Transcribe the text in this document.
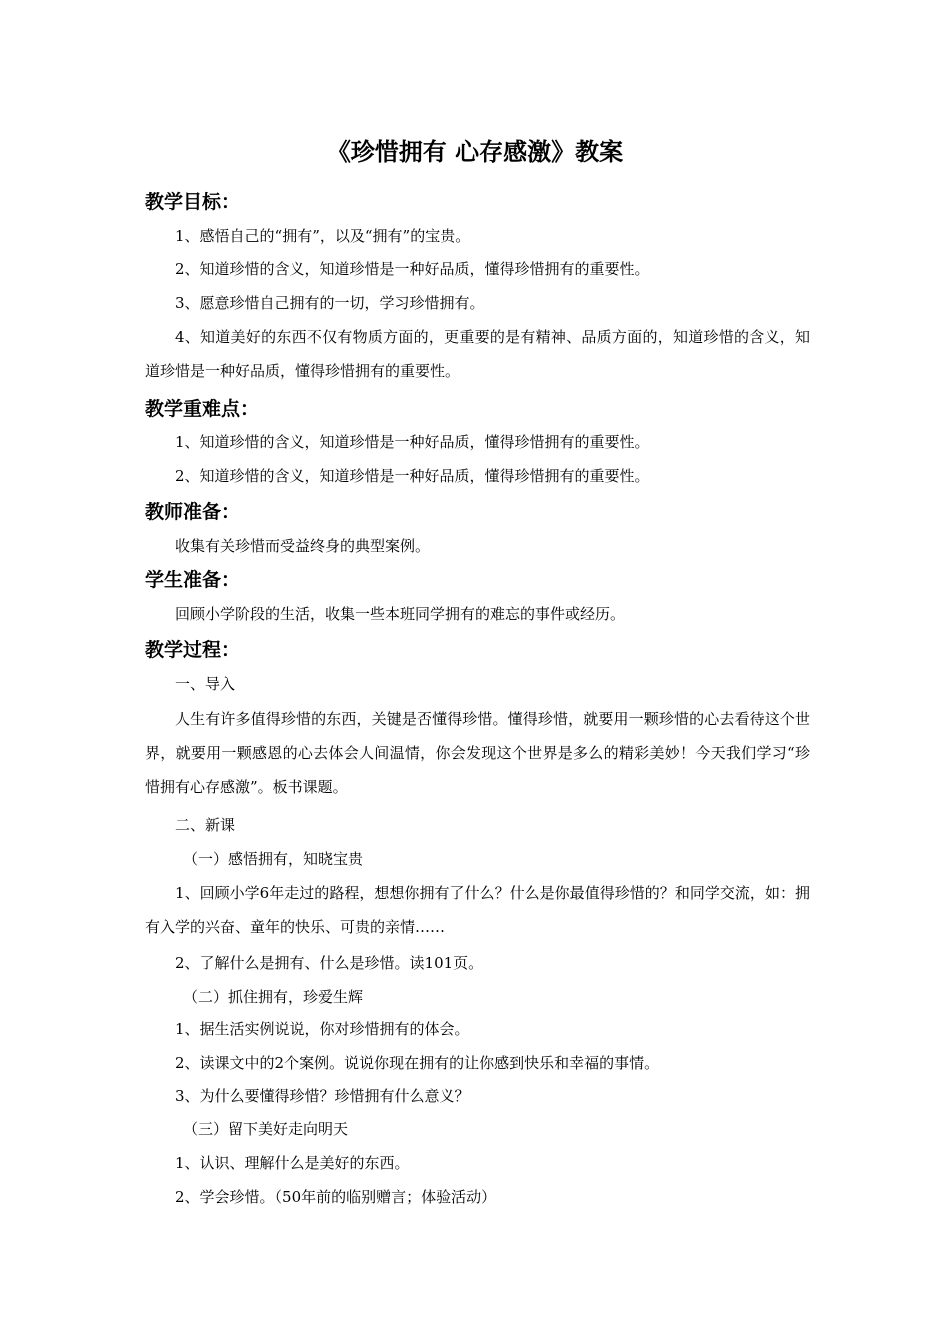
《珍惜拥有 心存感激》教案
教学目标：
1、感悟自己的“拥有”，以及“拥有”的宝贵。
2、知道珍惜的含义，知道珍惜是一种好品质，懂得珍惜拥有的重要性。
3、愿意珍惜自己拥有的一切，学习珍惜拥有。
4、知道美好的东西不仅有物质方面的，更重要的是有精神、品质方面的，知道珍惜的含义，知道珍惜是一种好品质，懂得珍惜拥有的重要性。
教学重难点：
1、知道珍惜的含义，知道珍惜是一种好品质，懂得珍惜拥有的重要性。
2、知道珍惜的含义，知道珍惜是一种好品质，懂得珍惜拥有的重要性。
教师准备：
收集有关珍惜而受益终身的典型案例。
学生准备：
回顾小学阶段的生活，收集一些本班同学拥有的难忘的事件或经历。
教学过程：
一、导入
人生有许多值得珍惜的东西，关键是否懂得珍惜。懂得珍惜，就要用一颗珍惜的心去看待这个世界，就要用一颗感恩的心去体会人间温情，你会发现这个世界是多么的精彩美妙！今天我们学习“珍惜拥有心存感激”。板书课题。
二、新课
（一）感悟拥有，知晓宝贵
1、回顾小学6年走过的路程，想想你拥有了什么？什么是你最值得珍惜的？和同学交流，如：拥有入学的兴奋、童年的快乐、可贵的亲情……
2、了解什么是拥有、什么是珍惜。读101页。
（二）抓住拥有，珍爱生辉
1、据生活实例说说，你对珍惜拥有的体会。
2、读课文中的2个案例。说说你现在拥有的让你感到快乐和幸福的事情。
3、为什么要懂得珍惜？珍惜拥有什么意义？
（三）留下美好走向明天
1、认识、理解什么是美好的东西。
2、学会珍惜。（50年前的临别赠言；体验活动）
